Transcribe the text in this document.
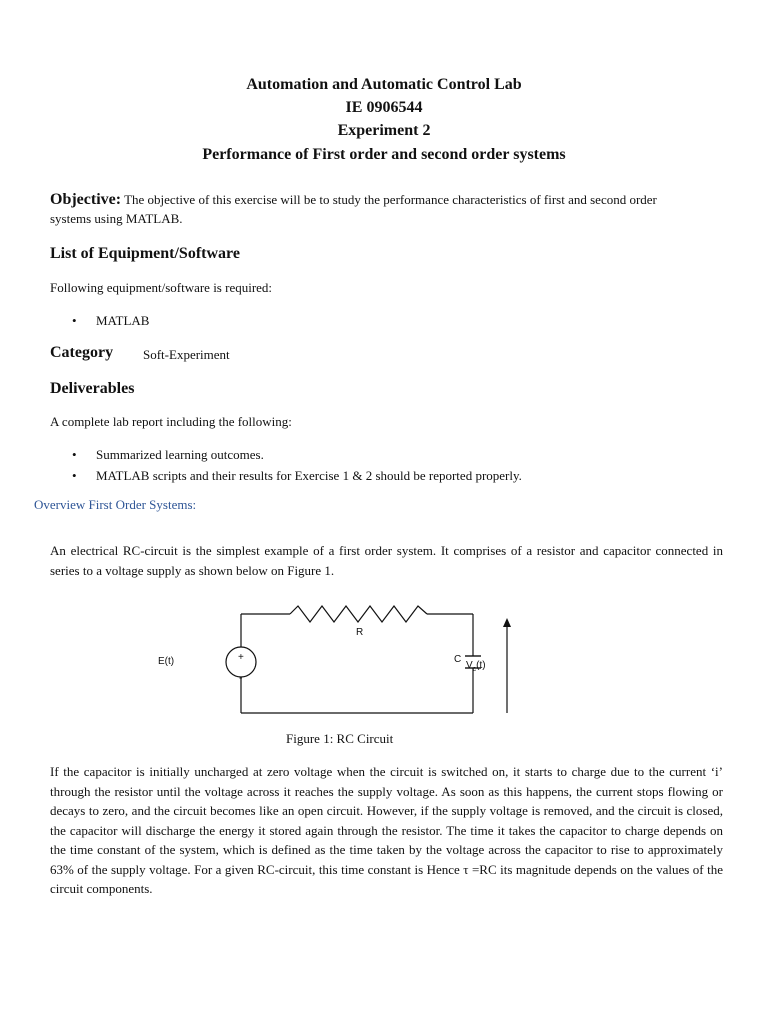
Automation and Automatic Control Lab
IE 0906544
Experiment 2
Performance of First order and second order systems
Objective: The objective of this exercise will be to study the performance characteristics of first and second order systems using MATLAB.
List of Equipment/Software
Following equipment/software is required:
• MATLAB
Category Soft-Experiment
Deliverables
A complete lab report including the following:
• Summarized learning outcomes.
• MATLAB scripts and their results for Exercise 1 & 2 should be reported properly.
Overview First Order Systems:
An electrical RC-circuit is the simplest example of a first order system. It comprises of a resistor and capacitor connected in series to a voltage supply as shown below on Figure 1.
+
-
E(t)
R
C
$V_c(t)$
Figure 1: RC Circuit
If the capacitor is initially uncharged at zero voltage when the circuit is switched on, it starts to charge due to the current ‘i’ through the resistor until the voltage across it reaches the supply voltage. As soon as this happens, the current stops flowing or decays to zero, and the circuit becomes like an open circuit. However, if the supply voltage is removed, and the circuit is closed, the capacitor will discharge the energy it stored again through the resistor. The time it takes the capacitor to charge depends on the time constant of the system, which is defined as the time taken by the voltage across the capacitor to rise to approximately 63% of the supply voltage. For a given RC-circuit, this time constant is Hence τ =RC its magnitude depends on the values of the circuit components.
